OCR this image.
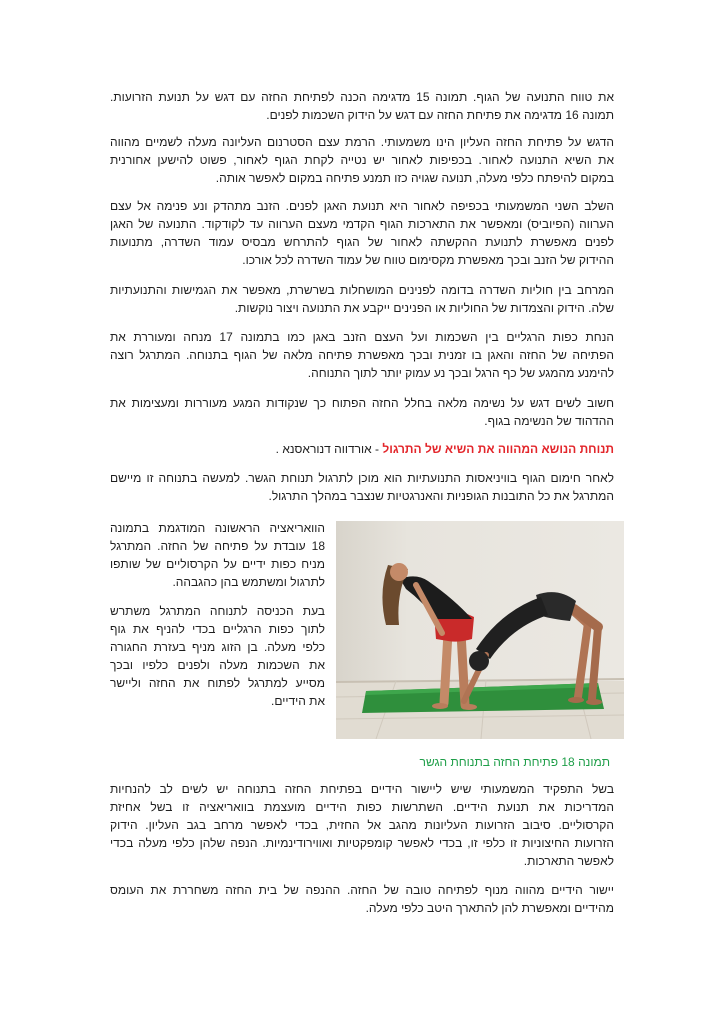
את טווח התנועה של הגוף. תמונה 15 מדגימה הכנה לפתיחת החזה עם דגש על תנועת הזרועות.
תמונה 16 מדגימה את פתיחת החזה עם דגש על הידוק השכמות לפנים.
הדגש על פתיחת החזה העליון הינו משמעותי. הרמת עצם הסטרנום העליונה מעלה לשמיים מהווה
את השיא התנועה לאחור. בכפיפות לאחור יש נטייה לקחת הגוף לאחור, פשוט להישען אחורנית
במקום להיפתח כלפי מעלה, תנועה שגויה כזו תמנע פתיחה במקום לאפשר אותה.
השלב השני המשמעותי בכפיפה לאחור היא תנועת האגן לפנים. הזנב מתהדק ונע פנימה אל עצם
הערווה (הפיוביס) ומאפשר את התארכות הגוף הקדמי מעצם הערווה עד לקודקוד. התנועה של האגן
לפנים מאפשרת לתנועת ההקשתה לאחור של הגוף להתרחש מבסיס עמוד השדרה, מתנועות
ההידוק של הזנב ובכך מאפשרת מקסימום טווח של עמוד השדרה לכל אורכו.
המרחב בין חוליות השדרה בדומה לפנינים המושחלות בשרשרת, מאפשר את הגמישות והתנועתיות
שלה. הידוק והצמדות של החוליות או הפנינים ייקבע את התנועה ויצור נוקשות.
הנחת כפות הרגליים בין השכמות ועל העצם הזנב באגן כמו בתמונה 17 מנחה ומעוררת את
הפתיחה של החזה והאגן בו זמנית ובכך מאפשרת פתיחה מלאה של הגוף בתנוחה. המתרגל רוצה
להימנע מהמגע של כף הרגל ובכך נע עמוק יותר לתוך התנוחה.
חשוב לשים דגש על נשימה מלאה בחלל החזה הפתוח כך שנקודות המגע מעוררות ומעצימות את
ההדהוד של הנשימה בגוף.
תנוחת הנושא המהווה את השיא של התרגול - אורדווה דנוראסנא .
לאחר חימום הגוף בוויניאסות התנועתיות הוא מוכן לתרגול תנוחת הגשר. למעשה בתנוחה זו מיישם
המתרגל את כל התובנות הגופניות והאנרגטיות שנצבר במהלך התרגול.
הוואריאציה הראשונה המודגמת בתמונה
18 עובדת על פתיחה של החזה. המתרגל
מניח כפות ידיים על הקרסוליים של שותפו
לתרגול ומשתמש בהן כהגבהה.
בעת הכניסה לתנוחה המתרגל משתרש
לתוך כפות הרגליים בכדי להניף את גוף
כלפי מעלה. בן הזוג מניף בעזרת החגורה
את השכמות מעלה ולפנים כלפיו ובכך
מסייע למתרגל לפתוח את החזה וליישר
את הידיים.
תמונה 18 פתיחת החזה בתנוחת הגשר
בשל התפקיד המשמעותי שיש ליישור הידיים בפתיחת החזה בתנוחה יש לשים לב להנחיות
המדריכות את תנועת הידיים. השתרשות כפות הידיים מועצמת בוואריאציה זו בשל אחיזת
הקרסוליים. סיבוב הזרועות העליונות מהגב אל החזית, בכדי לאפשר מרחב בגב העליון. הידוק
הזרועות החיצוניות זו כלפי זו, בכדי לאפשר קומפקטיות ואווירודינמיות. הנפה שלהן כלפי מעלה בכדי
לאפשר התארכות.
יישור הידיים מהווה מנוף לפתיחה טובה של החזה. ההנפה של בית החזה משחררת את העומס
מהידיים ומאפשרת להן להתארך היטב כלפי מעלה.
